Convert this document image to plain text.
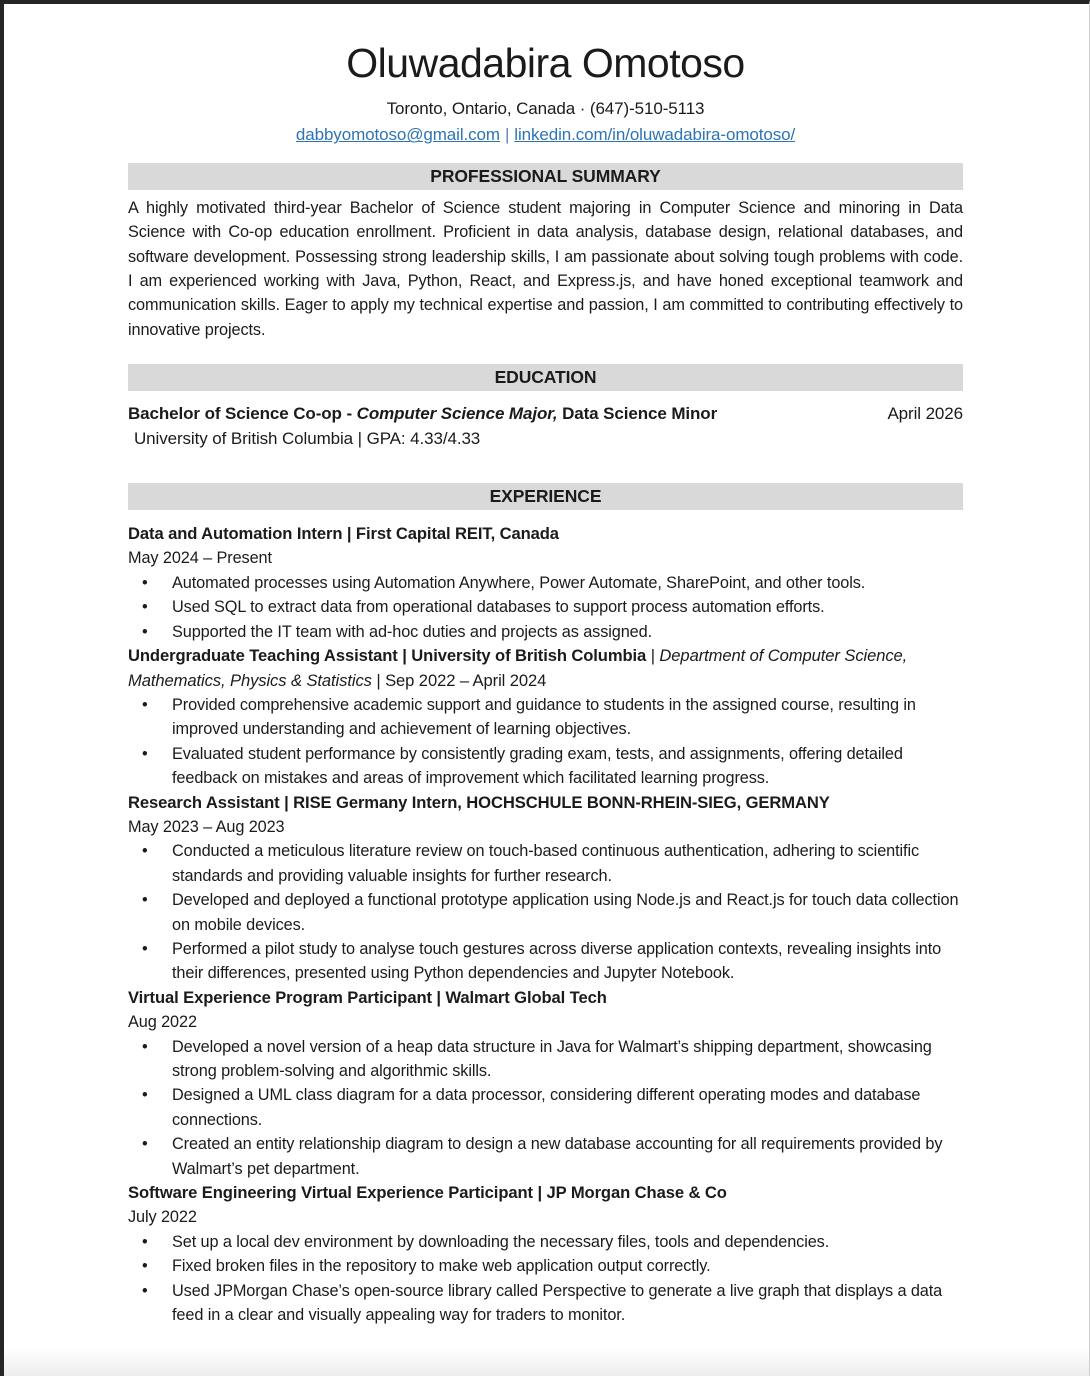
Oluwadabira Omotoso
Toronto, Ontario, Canada · (647)-510-5113
dabbyomotoso@gmail.com | linkedin.com/in/oluwadabira-omotoso/
PROFESSIONAL SUMMARY

A highly motivated third-year Bachelor of Science student majoring in Computer Science and minoring in Data Science with Co-op education enrollment. Proficient in data analysis, database design, relational databases, and software development. Possessing strong leadership skills, I am passionate about solving tough problems with code. I am experienced working with Java, Python, React, and Express.js, and have honed exceptional teamwork and communication skills. Eager to apply my technical expertise and passion, I am committed to contributing effectively to innovative projects.

EDUCATION
Bachelor of Science Co-op - Computer Science Major, Data Science Minor	April 2026
University of British Columbia | GPA: 4.33/4.33
EXPERIENCE
Data and Automation Intern | First Capital REIT, Canada
May 2024 – Present
• Automated processes using Automation Anywhere, Power Automate, SharePoint, and other tools.
• Used SQL to extract data from operational databases to support process automation efforts.
• Supported the IT team with ad-hoc duties and projects as assigned.
Undergraduate Teaching Assistant | University of British Columbia | Department of Computer Science, Mathematics, Physics & Statistics | Sep 2022 – April 2024
• Provided comprehensive academic support and guidance to students in the assigned course, resulting in improved understanding and achievement of learning objectives.
• Evaluated student performance by consistently grading exam, tests, and assignments, offering detailed feedback on mistakes and areas of improvement which facilitated learning progress.
Research Assistant | RISE Germany Intern, HOCHSCHULE BONN-RHEIN-SIEG, GERMANY
May 2023 – Aug 2023
• Conducted a meticulous literature review on touch-based continuous authentication, adhering to scientific standards and providing valuable insights for further research.
• Developed and deployed a functional prototype application using Node.js and React.js for touch data collection on mobile devices.
• Performed a pilot study to analyse touch gestures across diverse application contexts, revealing insights into their differences, presented using Python dependencies and Jupyter Notebook.
Virtual Experience Program Participant | Walmart Global Tech
Aug 2022
• Developed a novel version of a heap data structure in Java for Walmart’s shipping department, showcasing strong problem-solving and algorithmic skills.
• Designed a UML class diagram for a data processor, considering different operating modes and database connections.
• Created an entity relationship diagram to design a new database accounting for all requirements provided by Walmart’s pet department.
Software Engineering Virtual Experience Participant | JP Morgan Chase & Co
July 2022
• Set up a local dev environment by downloading the necessary files, tools and dependencies.
• Fixed broken files in the repository to make web application output correctly.
• Used JPMorgan Chase’s open-source library called Perspective to generate a live graph that displays a data feed in a clear and visually appealing way for traders to monitor.
